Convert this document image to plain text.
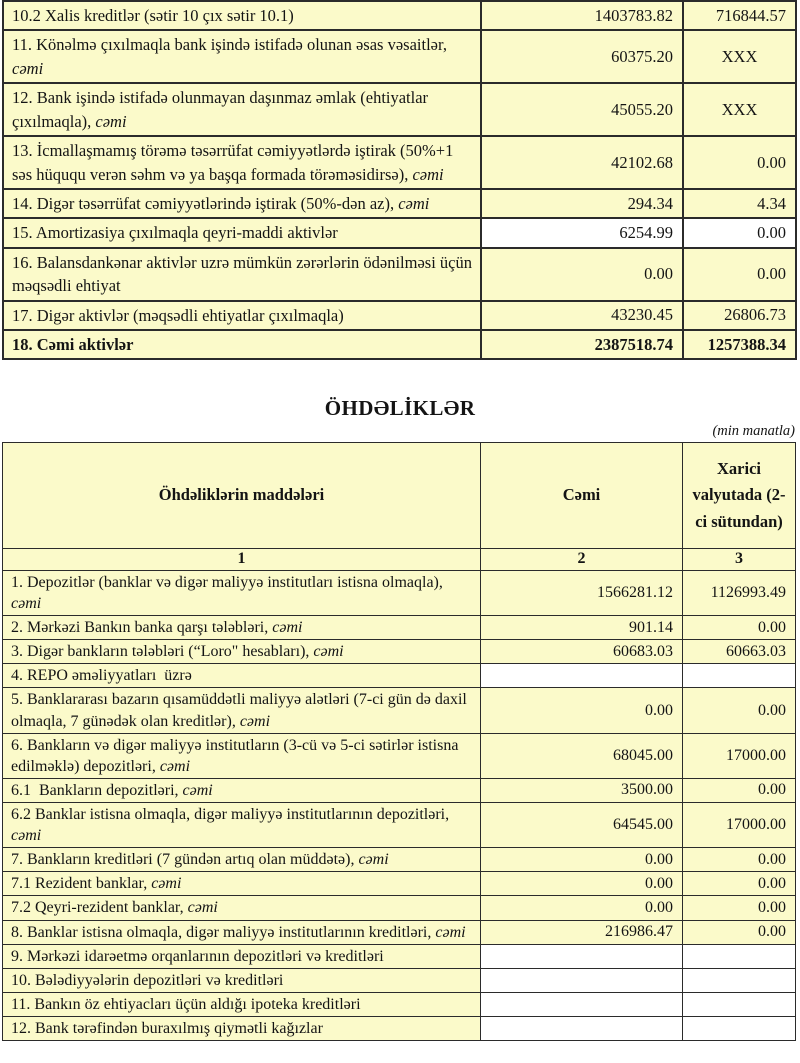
10.2 Xalis kreditlər (sətir 10 çıx sətir 10.1)	1403783.82	716844.57
11. Könəlmə çıxılmaqla bank işində istifadə olunan əsas vəsaitlər, cəmi	60375.20	XXX
12. Bank işində istifadə olunmayan daşınmaz əmlak (ehtiyatlar çıxılmaqla), cəmi	45055.20	XXX
13. İcmallaşmamış törəmə təsərrüfat cəmiyyətlərdə iştirak (50%+1 səs hüququ verən səhm və ya başqa formada törəməsidirsə), cəmi	42102.68	0.00
14. Digər təsərrüfat cəmiyyətlərində iştirak (50%-dən az), cəmi	294.34	4.34
15. Amortizasiya çıxılmaqla qeyri-maddi aktivlər	6254.99	0.00
16. Balansdankənar aktivlər uzrə mümkün zərərlərin ödənilməsi üçün məqsədli ehtiyat	0.00	0.00
17. Digər aktivlər (məqsədli ehtiyatlar çıxılmaqla)	43230.45	26806.73
18. Cəmi aktivlər	2387518.74	1257388.34
ÖHDƏLİKLƏR
(min manatla)
Öhdəliklərin maddələri	Cəmi	Xarici valyutada (2-ci sütundan)
1	2	3
1. Depozitlər (banklar və digər maliyyə institutları istisna olmaqla), cəmi	1566281.12	1126993.49
2. Mərkəzi Bankın banka qarşı tələbləri, cəmi	901.14	0.00
3. Digər bankların tələbləri (“Loro" hesabları), cəmi	60683.03	60663.03
4. REPO əməliyyatları  üzrə		
5. Banklararası bazarın qısamüddətli maliyyə alətləri (7-ci gün də daxil olmaqla, 7 günədək olan kreditlər), cəmi	0.00	0.00
6. Bankların və digər maliyyə institutların (3-cü və 5-ci sətirlər istisna edilməklə) depozitləri, cəmi	68045.00	17000.00
6.1  Bankların depozitləri, cəmi	3500.00	0.00
6.2 Banklar istisna olmaqla, digər maliyyə institutlarının depozitləri, cəmi	64545.00	17000.00
7. Bankların kreditləri (7 gündən artıq olan müddətə), cəmi	0.00	0.00
7.1 Rezident banklar, cəmi	0.00	0.00
7.2 Qeyri-rezident banklar, cəmi	0.00	0.00
8. Banklar istisna olmaqla, digər maliyyə institutlarının kreditləri, cəmi	216986.47	0.00
9. Mərkəzi idarəetmə orqanlarının depozitləri və kreditləri		
10. Bələdiyyələrin depozitləri və kreditləri		
11. Bankın öz ehtiyacları üçün aldığı ipoteka kreditləri		
12. Bank tərəfindən buraxılmış qiymətli kağızlar		
